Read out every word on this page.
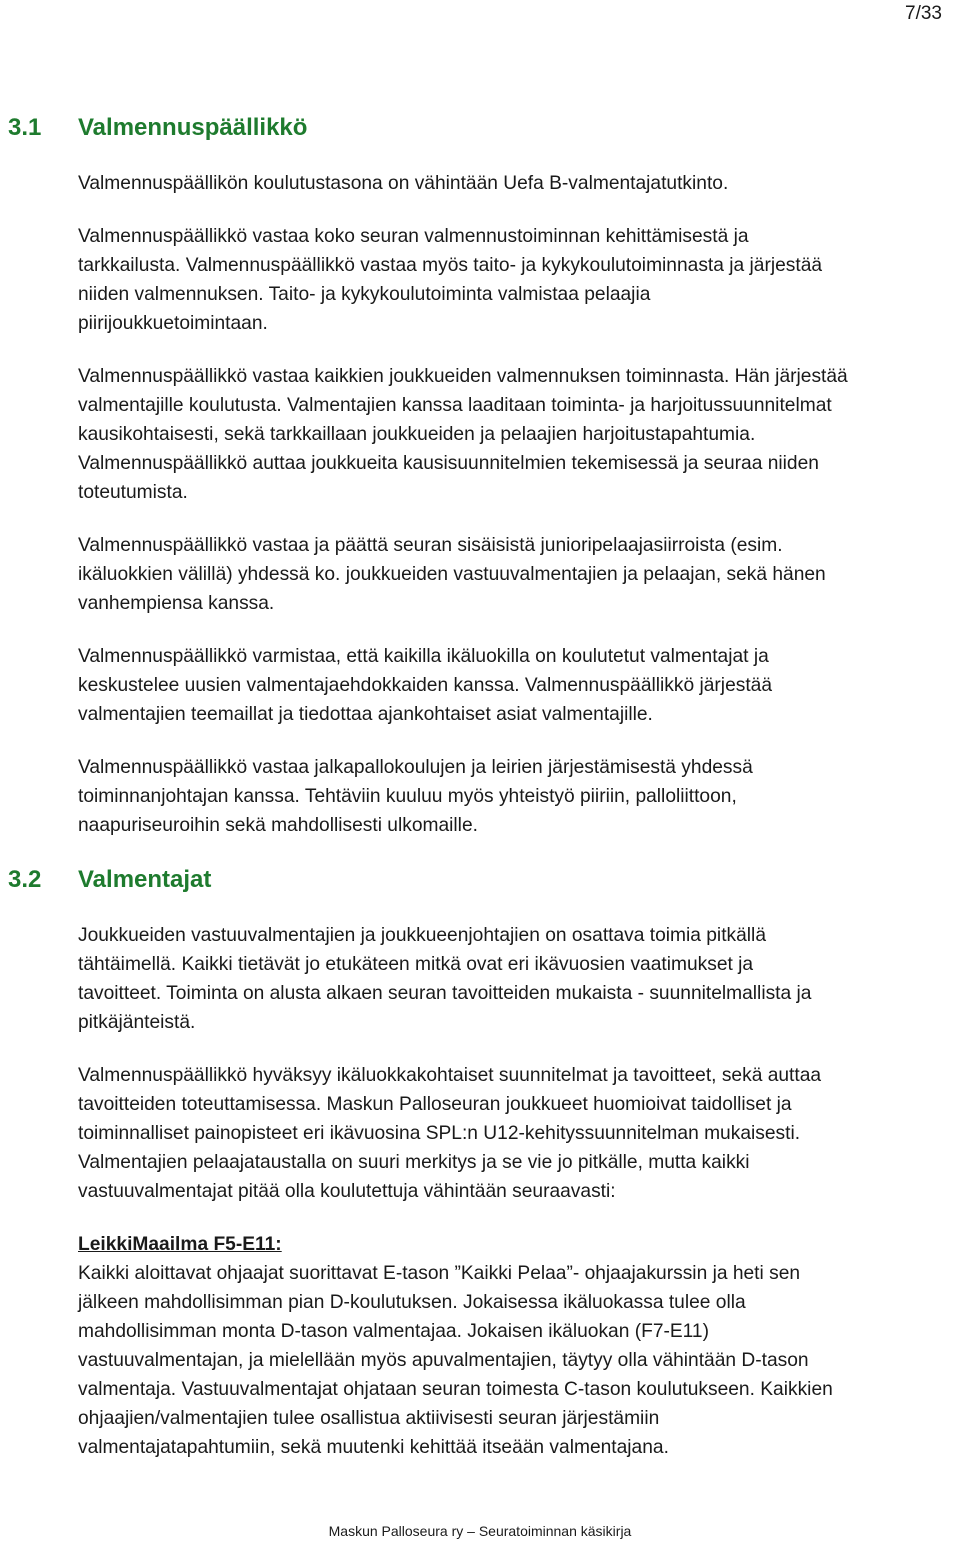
7/33
3.1 Valmennuspäällikkö
Valmennuspäällikön koulutustasona on vähintään Uefa B-valmentajatutkinto.
Valmennuspäällikkö vastaa koko seuran valmennustoiminnan kehittämisestä ja
tarkkailusta. Valmennuspäällikkö vastaa myös taito- ja kykykoulutoiminnasta ja järjestää
niiden valmennuksen. Taito- ja kykykoulutoiminta valmistaa pelaajia
piirijoukkuetoimintaan.
Valmennuspäällikkö vastaa kaikkien joukkueiden valmennuksen toiminnasta. Hän järjestää
valmentajille koulutusta. Valmentajien kanssa laaditaan toiminta- ja harjoitussuunnitelmat
kausikohtaisesti, sekä tarkkaillaan joukkueiden ja pelaajien harjoitustapahtumia.
Valmennuspäällikkö auttaa joukkueita kausisuunnitelmien tekemisessä ja seuraa niiden
toteutumista.
Valmennuspäällikkö vastaa ja päättä seuran sisäisistä junioripelaajasiirroista (esim.
ikäluokkien välillä) yhdessä ko. joukkueiden vastuuvalmentajien ja pelaajan, sekä hänen
vanhempiensa kanssa.
Valmennuspäällikkö varmistaa, että kaikilla ikäluokilla on koulutetut valmentajat ja
keskustelee uusien valmentajaehdokkaiden kanssa. Valmennuspäällikkö järjestää
valmentajien teemaillat ja tiedottaa ajankohtaiset asiat valmentajille.
Valmennuspäällikkö vastaa jalkapallokoulujen ja leirien järjestämisestä yhdessä
toiminnanjohtajan kanssa. Tehtäviin kuuluu myös yhteistyö piiriin, palloliittoon,
naapuriseuroihin sekä mahdollisesti ulkomaille.
3.2 Valmentajat
Joukkueiden vastuuvalmentajien ja joukkueenjohtajien on osattava toimia pitkällä
tähtäimellä. Kaikki tietävät jo etukäteen mitkä ovat eri ikävuosien vaatimukset ja
tavoitteet. Toiminta on alusta alkaen seuran tavoitteiden mukaista - suunnitelmallista ja
pitkäjänteistä.
Valmennuspäällikkö hyväksyy ikäluokkakohtaiset suunnitelmat ja tavoitteet, sekä auttaa
tavoitteiden toteuttamisessa. Maskun Palloseuran joukkueet huomioivat taidolliset ja
toiminnalliset painopisteet eri ikävuosina SPL:n U12-kehityssuunnitelman mukaisesti.
Valmentajien pelaajataustalla on suuri merkitys ja se vie jo pitkälle, mutta kaikki
vastuuvalmentajat pitää olla koulutettuja vähintään seuraavasti:
LeikkiMaailma F5-E11:
Kaikki aloittavat ohjaajat suorittavat E-tason ”Kaikki Pelaa”- ohjaajakurssin ja heti sen
jälkeen mahdollisimman pian D-koulutuksen. Jokaisessa ikäluokassa tulee olla
mahdollisimman monta D-tason valmentajaa. Jokaisen ikäluokan (F7-E11)
vastuuvalmentajan, ja mielellään myös apuvalmentajien, täytyy olla vähintään D-tason
valmentaja. Vastuuvalmentajat ohjataan seuran toimesta C-tason koulutukseen. Kaikkien
ohjaajien/valmentajien tulee osallistua aktiivisesti seuran järjestämiin
valmentajatapahtumiin, sekä muutenki kehittää itseään valmentajana.
Maskun Palloseura ry – Seuratoiminnan käsikirja
